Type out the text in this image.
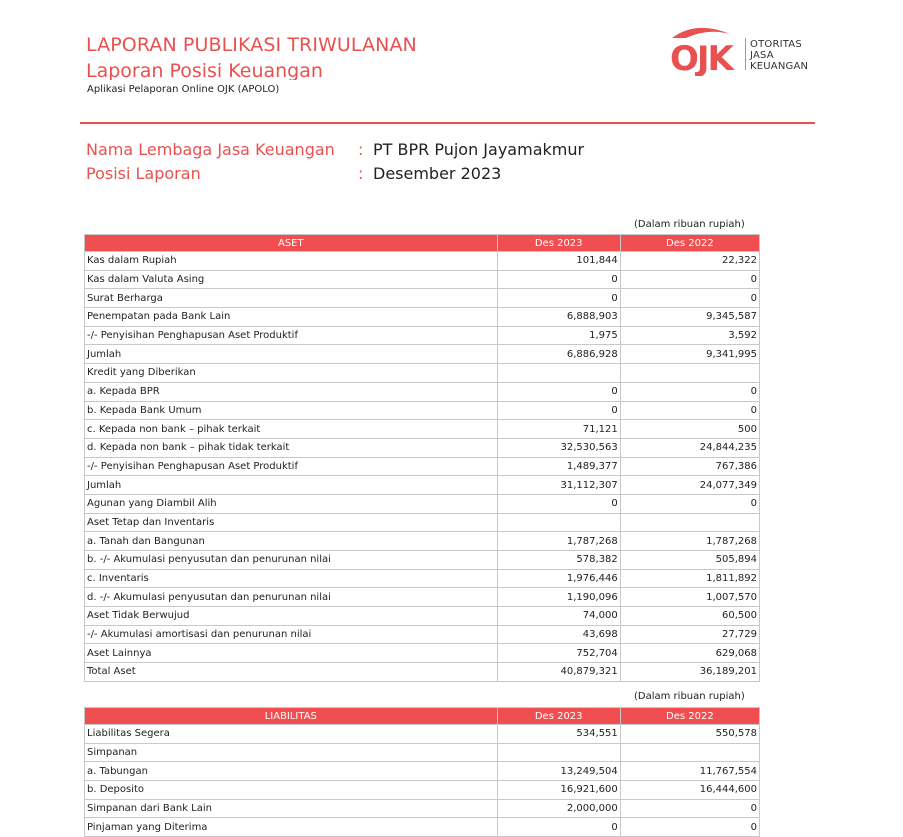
LAPORAN PUBLIKASI TRIWULANAN
Laporan Posisi Keuangan
Aplikasi Pelaporan Online OJK (APOLO)
OJK	OTORITAS
JASA
KEUANGAN
Nama Lembaga Jasa Keuangan : PT BPR Pujon Jayamakmur
Posisi Laporan	: Desember 2023
(Dalam ribuan rupiah)
ASET	Des 2023	Des 2022
Kas dalam Rupiah	101,844	22,322
Kas dalam Valuta Asing	0	0
Surat Berharga	0	0
Penempatan pada Bank Lain	6,888,903	9,345,587
-/- Penyisihan Penghapusan Aset Produktif	1,975	3,592
Jumlah	6,886,928	9,341,995
Kredit yang Diberikan		
a. Kepada BPR	0	0
b. Kepada Bank Umum	0	0
c. Kepada non bank – pihak terkait	71,121	500
d. Kepada non bank – pihak tidak terkait	32,530,563	24,844,235
-/- Penyisihan Penghapusan Aset Produktif	1,489,377	767,386
Jumlah	31,112,307	24,077,349
Agunan yang Diambil Alih	0	0
Aset Tetap dan Inventaris		
a. Tanah dan Bangunan	1,787,268	1,787,268
b. -/- Akumulasi penyusutan dan penurunan nilai	578,382	505,894
c. Inventaris	1,976,446	1,811,892
d. -/- Akumulasi penyusutan dan penurunan nilai	1,190,096	1,007,570
Aset Tidak Berwujud	74,000	60,500
-/- Akumulasi amortisasi dan penurunan nilai	43,698	27,729
Aset Lainnya	752,704	629,068
Total Aset	40,879,321	36,189,201
(Dalam ribuan rupiah)
LIABILITAS	Des 2023	Des 2022
Liabilitas Segera	534,551	550,578
Simpanan		
a. Tabungan	13,249,504	11,767,554
b. Deposito	16,921,600	16,444,600
Simpanan dari Bank Lain	2,000,000	0
Pinjaman yang Diterima	0	0
